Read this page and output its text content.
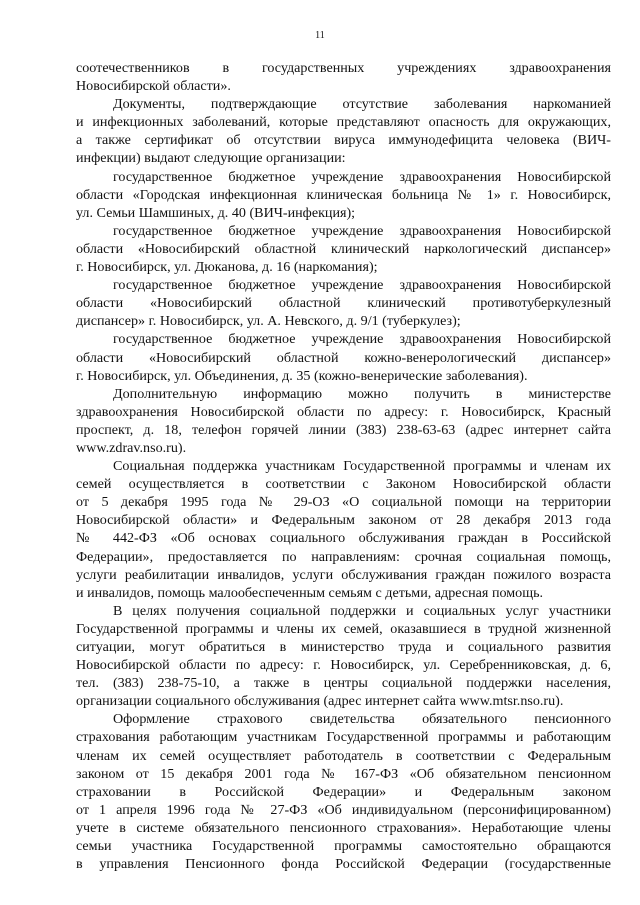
11
соотечественников в государственных учреждениях здравоохранения
Новосибирской области».
Документы, подтверждающие отсутствие заболевания наркоманией
и инфекционных заболеваний, которые представляют опасность для окружающих,
а также сертификат об отсутствии вируса иммунодефицита человека (ВИЧ-
инфекции) выдают следующие организации:
государственное бюджетное учреждение здравоохранения Новосибирской
области «Городская инфекционная клиническая больница № 1» г. Новосибирск,
ул. Семьи Шамшиных, д. 40 (ВИЧ-инфекция);
государственное бюджетное учреждение здравоохранения Новосибирской
области «Новосибирский областной клинический наркологический диспансер»
г. Новосибирск, ул. Дюканова, д. 16 (наркомания);
государственное бюджетное учреждение здравоохранения Новосибирской
области «Новосибирский областной клинический противотуберкулезный
диспансер» г. Новосибирск, ул. А. Невского, д. 9/1 (туберкулез);
государственное бюджетное учреждение здравоохранения Новосибирской
области «Новосибирский областной кожно-венерологический диспансер»
г. Новосибирск, ул. Объединения, д. 35 (кожно-венерические заболевания).
Дополнительную информацию можно получить в министерстве
здравоохранения Новосибирской области по адресу: г. Новосибирск, Красный
проспект, д. 18, телефон горячей линии (383) 238-63-63 (адрес интернет сайта
www.zdrav.nso.ru).
Социальная поддержка участникам Государственной программы и членам их
семей осуществляется в соответствии с Законом Новосибирской области
от 5 декабря 1995 года № 29-ОЗ «О социальной помощи на территории
Новосибирской области» и Федеральным законом от 28 декабря 2013 года
№ 442-ФЗ «Об основах социального обслуживания граждан в Российской
Федерации», предоставляется по направлениям: срочная социальная помощь,
услуги реабилитации инвалидов, услуги обслуживания граждан пожилого возраста
и инвалидов, помощь малообеспеченным семьям с детьми, адресная помощь.
В целях получения социальной поддержки и социальных услуг участники
Государственной программы и члены их семей, оказавшиеся в трудной жизненной
ситуации, могут обратиться в министерство труда и социального развития
Новосибирской области по адресу: г. Новосибирск, ул. Серебренниковская, д. 6,
тел. (383) 238-75-10, а также в центры социальной поддержки населения,
организации социального обслуживания (адрес интернет сайта www.mtsr.nso.ru).
Оформление страхового свидетельства обязательного пенсионного
страхования работающим участникам Государственной программы и работающим
членам их семей осуществляет работодатель в соответствии с Федеральным
законом от 15 декабря 2001 года № 167-ФЗ «Об обязательном пенсионном
страховании в Российской Федерации» и Федеральным законом
от 1 апреля 1996 года № 27-ФЗ «Об индивидуальном (персонифицированном)
учете в системе обязательного пенсионного страхования». Неработающие члены
семьи участника Государственной программы самостоятельно обращаются
в управления Пенсионного фонда Российской Федерации (государственные
